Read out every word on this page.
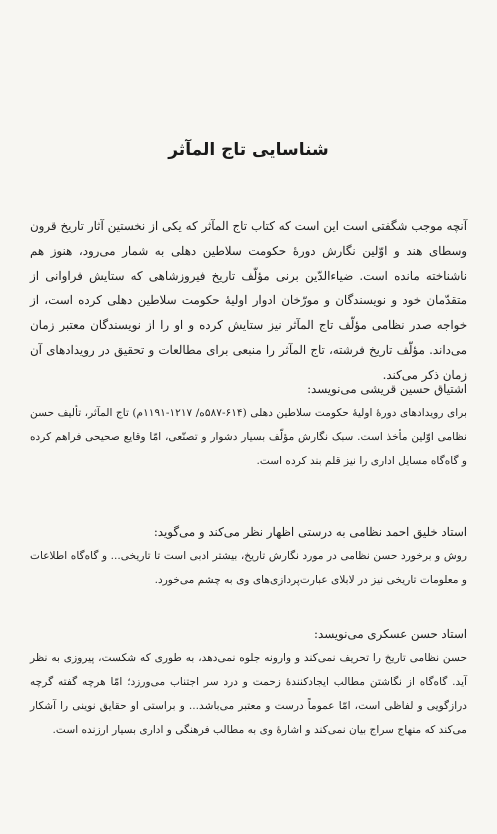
شناسایی تاج المآثر
آنچه موجب شگفتی است این است که کتاب تاج المآثر که یکی از نخستین آثار تاریخ قرون وسطای هند و اوّلین نگارش دورهٔ حکومت سلاطین دهلی به شمار می‌رود، هنوز هم ناشناخته مانده است. ضیاءالدّین برنی مؤلّف تاریخ فیروزشاهی که ستایش فراوانی از متقدّمان خود و نویسندگان و مورّخان ادوار اولیهٔ حکومت سلاطین دهلی کرده است، از خواجه صدر نظامی مؤلّف تاج المآثر نیز ستایش کرده و او را از نویسندگان معتبر زمان می‌داند. مؤلّف تاریخ فرشته، تاج المآثر را منبعی برای مطالعات و تحقیق در رویدادهای آن زمان ذکر می‌کند.
اشتیاق حسین قریشی می‌نویسد:
برای رویدادهای دورهٔ اولیهٔ حکومت سلاطین دهلی (۶۱۴-۵۸۷ه/ ۱۲۱۷-۱۱۹۱م) تاج المآثر، تألیف حسن نظامی اوّلین مأخذ است. سبک نگارش مؤلّف بسیار دشوار و تصنّعی، امّا وقایع صحیحی فراهم کرده و گاه‌گاه مسایل اداری را نیز قلم بند کرده است.
استاد خلیق احمد نظامی به درستی اظهار نظر می‌کند و می‌گوید:
روش و برخورد حسن نظامی در مورد نگارش تاریخ، بیشتر ادبی است تا تاریخی... و گاه‌گاه اطلاعات و معلومات تاریخی نیز در لابلای عبارت‌پردازی‌های وی به چشم می‌خورد.
استاد حسن عسکری می‌نویسد:
حسن نظامی تاریخ را تحریف نمی‌کند و وارونه جلوه نمی‌دهد، به طوری که شکست، پیروزی به نظر آید. گاه‌گاه از نگاشتن مطالب ایجادکنندهٔ زحمت و درد سر اجتناب می‌ورزد؛ امّا هرچه گفته گرچه درازگویی و لفاظی است، امّا عموماً درست و معتبر می‌باشد... و براستی او حقایق نوینی را آشکار می‌کند که منهاج سراج بیان نمی‌کند و اشارهٔ وی به مطالب فرهنگی و اداری بسیار ارزنده است.
